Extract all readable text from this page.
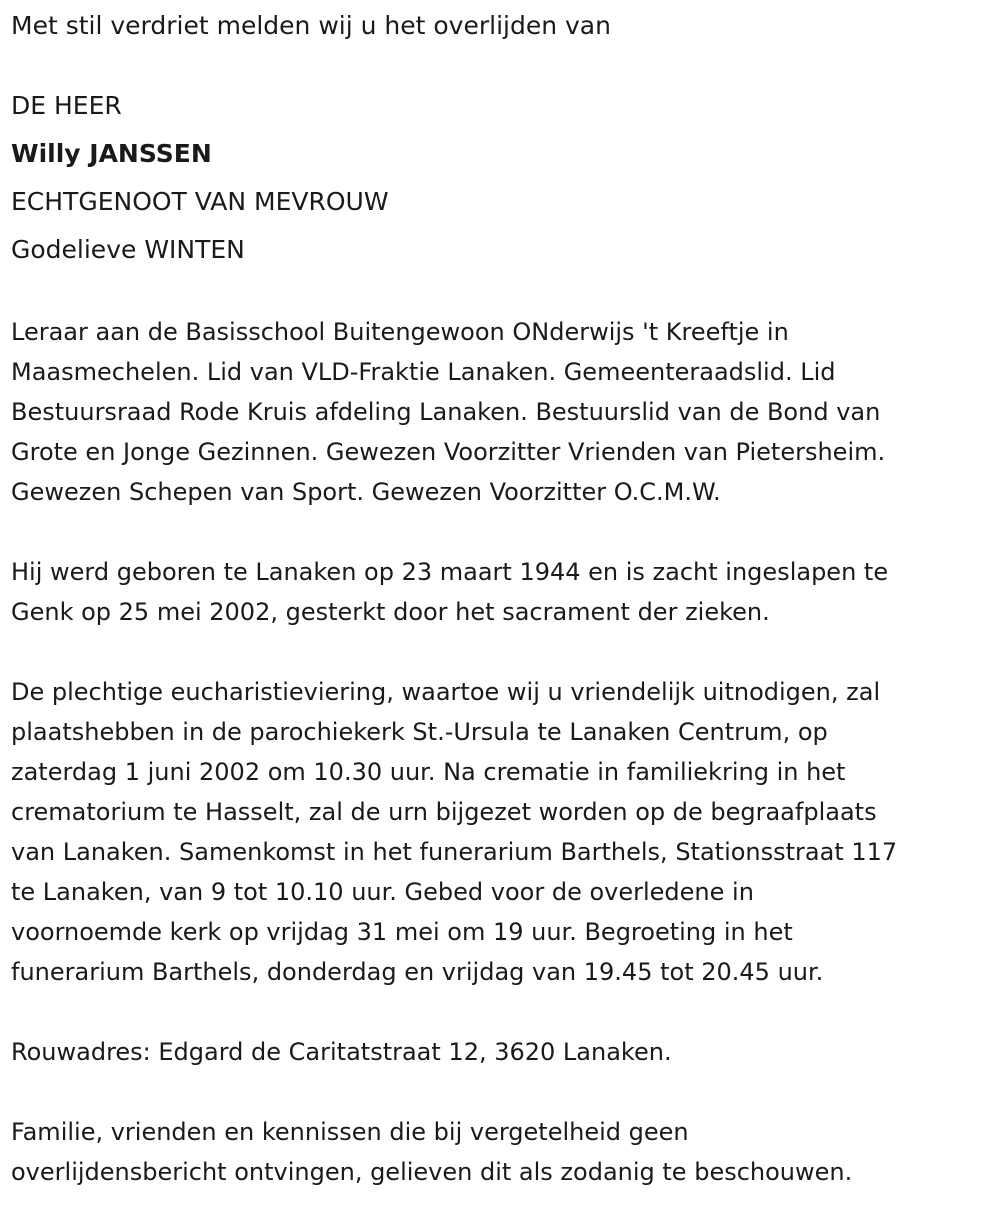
Met stil verdriet melden wij u het overlijden van
DE HEER
Willy JANSSEN
ECHTGENOOT VAN MEVROUW
Godelieve WINTEN
Leraar aan de Basisschool Buitengewoon ONderwijs 't Kreeftje in
Maasmechelen. Lid van VLD-Fraktie Lanaken. Gemeenteraadslid. Lid
Bestuursraad Rode Kruis afdeling Lanaken. Bestuurslid van de Bond van
Grote en Jonge Gezinnen. Gewezen Voorzitter Vrienden van Pietersheim.
Gewezen Schepen van Sport. Gewezen Voorzitter O.C.M.W.
Hij werd geboren te Lanaken op 23 maart 1944 en is zacht ingeslapen te
Genk op 25 mei 2002, gesterkt door het sacrament der zieken.
De plechtige eucharistieviering, waartoe wij u vriendelijk uitnodigen, zal
plaatshebben in de parochiekerk St.-Ursula te Lanaken Centrum, op
zaterdag 1 juni 2002 om 10.30 uur. Na crematie in familiekring in het
crematorium te Hasselt, zal de urn bijgezet worden op de begraafplaats
van Lanaken. Samenkomst in het funerarium Barthels, Stationsstraat 117
te Lanaken, van 9 tot 10.10 uur. Gebed voor de overledene in
voornoemde kerk op vrijdag 31 mei om 19 uur. Begroeting in het
funerarium Barthels, donderdag en vrijdag van 19.45 tot 20.45 uur.
Rouwadres: Edgard de Caritatstraat 12, 3620 Lanaken.
Familie, vrienden en kennissen die bij vergetelheid geen
overlijdensbericht ontvingen, gelieven dit als zodanig te beschouwen.
